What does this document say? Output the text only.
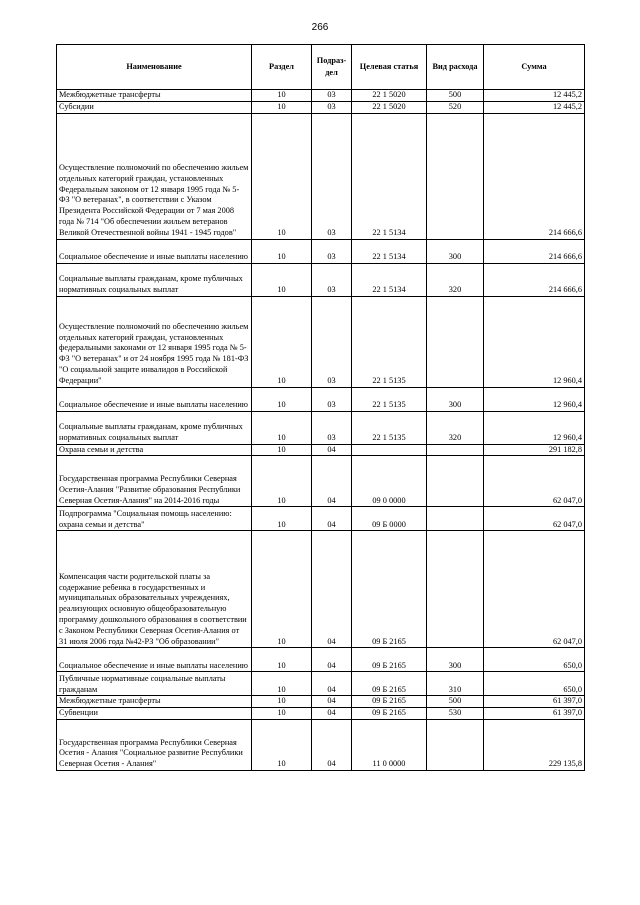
266
Наименование	Раздел	Подраз-дел	Целевая статья	Вид расхода	Сумма
Межбюджетные трансферты	10	03	22 1 5020	500	12 445,2
Субсидии	10	03	22 1 5020	520	12 445,2
Осуществление полномочий по обеспечению жильем отдельных категорий граждан, установленных Федеральным законом от 12 января 1995 года № 5-ФЗ "О ветеранах", в соответствии с Указом Президента Российской Федерации от 7 мая 2008 года № 714 "Об обеспечении жильем ветеранов Великой Отечественной войны 1941 - 1945 годов"	10	03	22 1 5134		214 666,6
Социальное обеспечение и иные выплаты населению	10	03	22 1 5134	300	214 666,6
Социальные выплаты гражданам, кроме публичных нормативных социальных выплат	10	03	22 1 5134	320	214 666,6
Осуществление полномочий по обеспечению жильем отдельных категорий граждан, установленных федеральными законами от 12 января 1995 года № 5-ФЗ "О ветеранах" и от 24 ноября 1995 года № 181-ФЗ "О социальной защите инвалидов в Российской Федерации"	10	03	22 1 5135		12 960,4
Социальное обеспечение и иные выплаты населению	10	03	22 1 5135	300	12 960,4
Социальные выплаты гражданам, кроме публичных нормативных социальных выплат	10	03	22 1 5135	320	12 960,4
Охрана семьи и детства	10	04			291 182,8
Государственная программа Республики Северная Осетия-Алания "Развитие образования Республики Северная Осетия-Алания" на 2014-2016 годы	10	04	09 0 0000		62 047,0
Подпрограмма "Социальная помощь населению: охрана семьи и детства"	10	04	09 Б 0000		62 047,0
Компенсация части родительской платы за содержание ребенка в государственных и муниципальных образовательных учреждениях, реализующих основную общеобразовательную программу дошкольного образования в соответствии с Законом Республики Северная Осетия-Алания от 31 июля 2006 года №42-РЗ "Об образовании"	10	04	09 Б 2165		62 047,0
Социальное обеспечение и иные выплаты населению	10	04	09 Б 2165	300	650,0
Публичные нормативные социальные выплаты гражданам	10	04	09 Б 2165	310	650,0
Межбюджетные трансферты	10	04	09 Б 2165	500	61 397,0
Субвенции	10	04	09 Б 2165	530	61 397,0
Государственная программа Республики Северная Осетия - Алания "Социальное развитие Республики Северная Осетия - Алания"	10	04	11 0 0000		229 135,8
